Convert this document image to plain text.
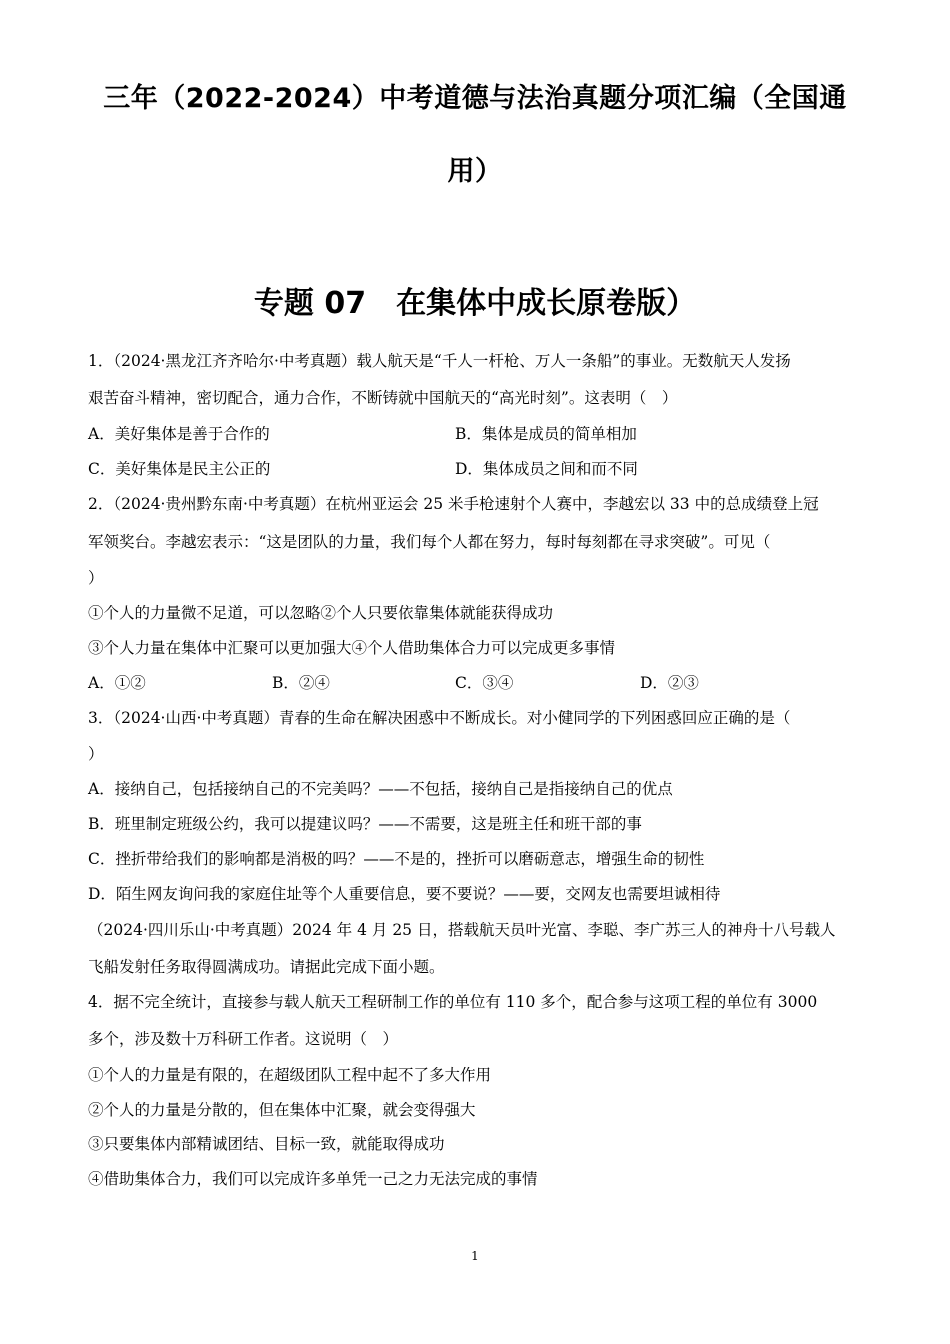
三年（2022-2024）中考道德与法治真题分项汇编（全国通
用）
专题 07　在集体中成长原卷版）
1．（2024·黑龙江齐齐哈尔·中考真题）载人航天是“千人一杆枪、万人一条船”的事业。无数航天人发扬
艰苦奋斗精神，密切配合，通力合作，不断铸就中国航天的“高光时刻”。这表明（　）
A．美好集体是善于合作的	B．集体是成员的简单相加
C．美好集体是民主公正的	D．集体成员之间和而不同
2．（2024·贵州黔东南·中考真题）在杭州亚运会 25 米手枪速射个人赛中，李越宏以 33 中的总成绩登上冠
军领奖台。李越宏表示：“这是团队的力量，我们每个人都在努力，每时每刻都在寻求突破”。可见（
）
①个人的力量微不足道，可以忽略②个人只要依靠集体就能获得成功
③个人力量在集体中汇聚可以更加强大④个人借助集体合力可以完成更多事情
A．①②	B．②④	C．③④	D．②③
3．（2024·山西·中考真题）青春的生命在解决困惑中不断成长。对小健同学的下列困惑回应正确的是（
）
A．接纳自己，包括接纳自己的不完美吗？——不包括，接纳自己是指接纳自己的优点
B．班里制定班级公约，我可以提建议吗？——不需要，这是班主任和班干部的事
C．挫折带给我们的影响都是消极的吗？——不是的，挫折可以磨砺意志，增强生命的韧性
D．陌生网友询问我的家庭住址等个人重要信息，要不要说？——要，交网友也需要坦诚相待
（2024·四川乐山·中考真题）2024 年 4 月 25 日，搭载航天员叶光富、李聪、李广苏三人的神舟十八号载人
飞船发射任务取得圆满成功。请据此完成下面小题。
4．据不完全统计，直接参与载人航天工程研制工作的单位有 110 多个，配合参与这项工程的单位有 3000
多个，涉及数十万科研工作者。这说明（　）
①个人的力量是有限的，在超级团队工程中起不了多大作用
②个人的力量是分散的，但在集体中汇聚，就会变得强大
③只要集体内部精诚团结、目标一致，就能取得成功
④借助集体合力，我们可以完成许多单凭一己之力无法完成的事情
1
